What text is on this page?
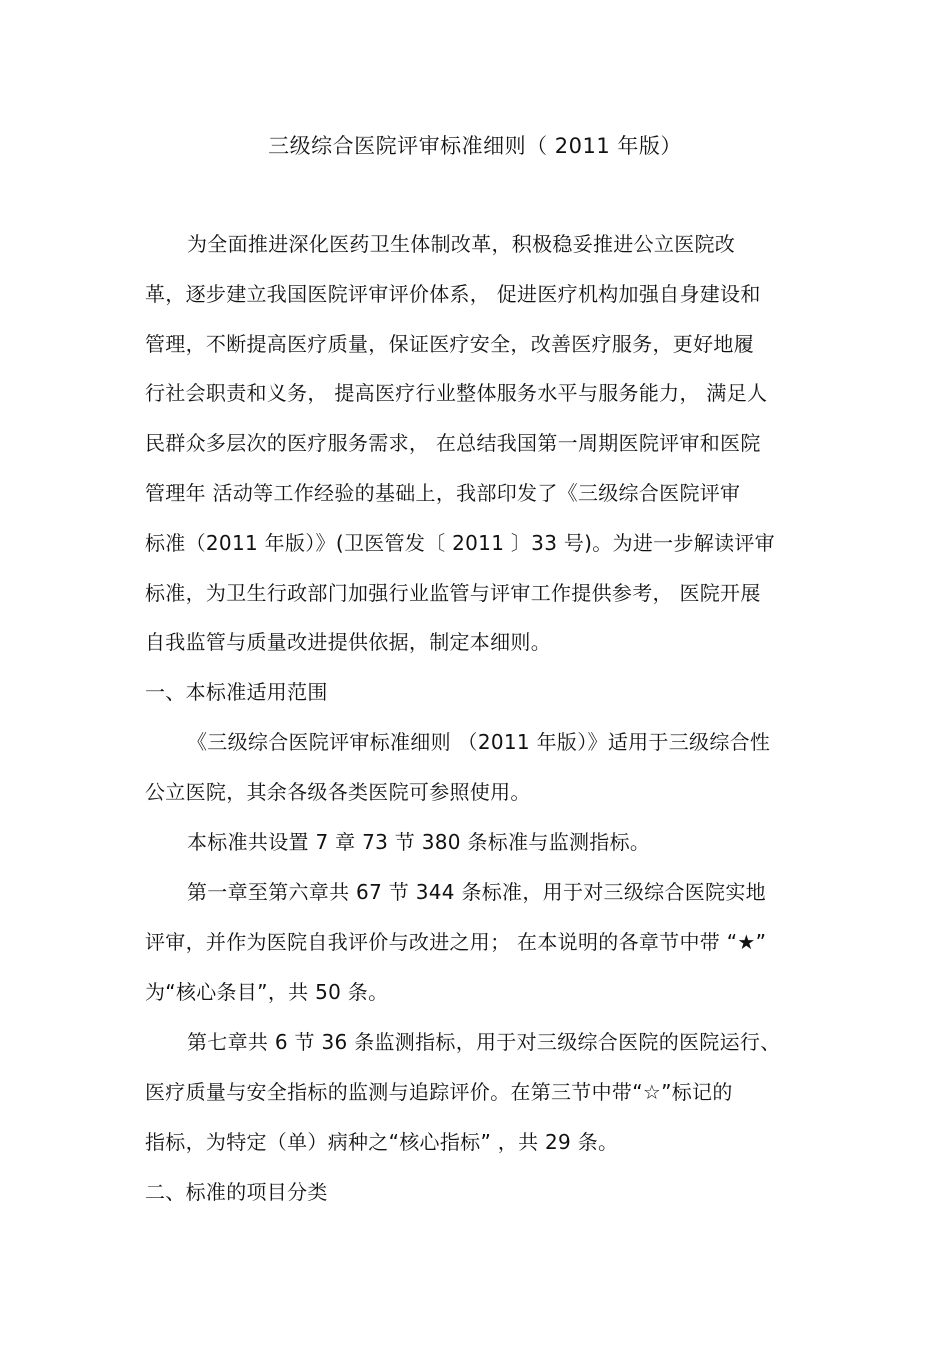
三级综合医院评审标准细则（ 2011 年版）
为全面推进深化医药卫生体制改革，积极稳妥推进公立医院改
革，逐步建立我国医院评审评价体系， 促进医疗机构加强自身建设和
管理，不断提高医疗质量，保证医疗安全，改善医疗服务，更好地履
行社会职责和义务， 提高医疗行业整体服务水平与服务能力， 满足人
民群众多层次的医疗服务需求， 在总结我国第一周期医院评审和医院
管理年 活动等工作经验的基础上，我部印发了《三级综合医院评审
标准（2011 年版）》(卫医管发〔 2011 〕33 号)。为进一步解读评审
标准，为卫生行政部门加强行业监管与评审工作提供参考， 医院开展
自我监管与质量改进提供依据，制定本细则。
一、本标准适用范围
《三级综合医院评审标准细则 （2011 年版）》适用于三级综合性
公立医院，其余各级各类医院可参照使用。
本标准共设置 7 章 73 节 380 条标准与监测指标。
第一章至第六章共 67 节 344 条标准，用于对三级综合医院实地
评审，并作为医院自我评价与改进之用； 在本说明的各章节中带 “★”
为“核心条目”，共 50 条。
第七章共 6 节 36 条监测指标，用于对三级综合医院的医院运行、
医疗质量与安全指标的监测与追踪评价。在第三节中带“☆”标记的
指标，为特定（单）病种之“核心指标” ，共 29 条。
二、标准的项目分类
